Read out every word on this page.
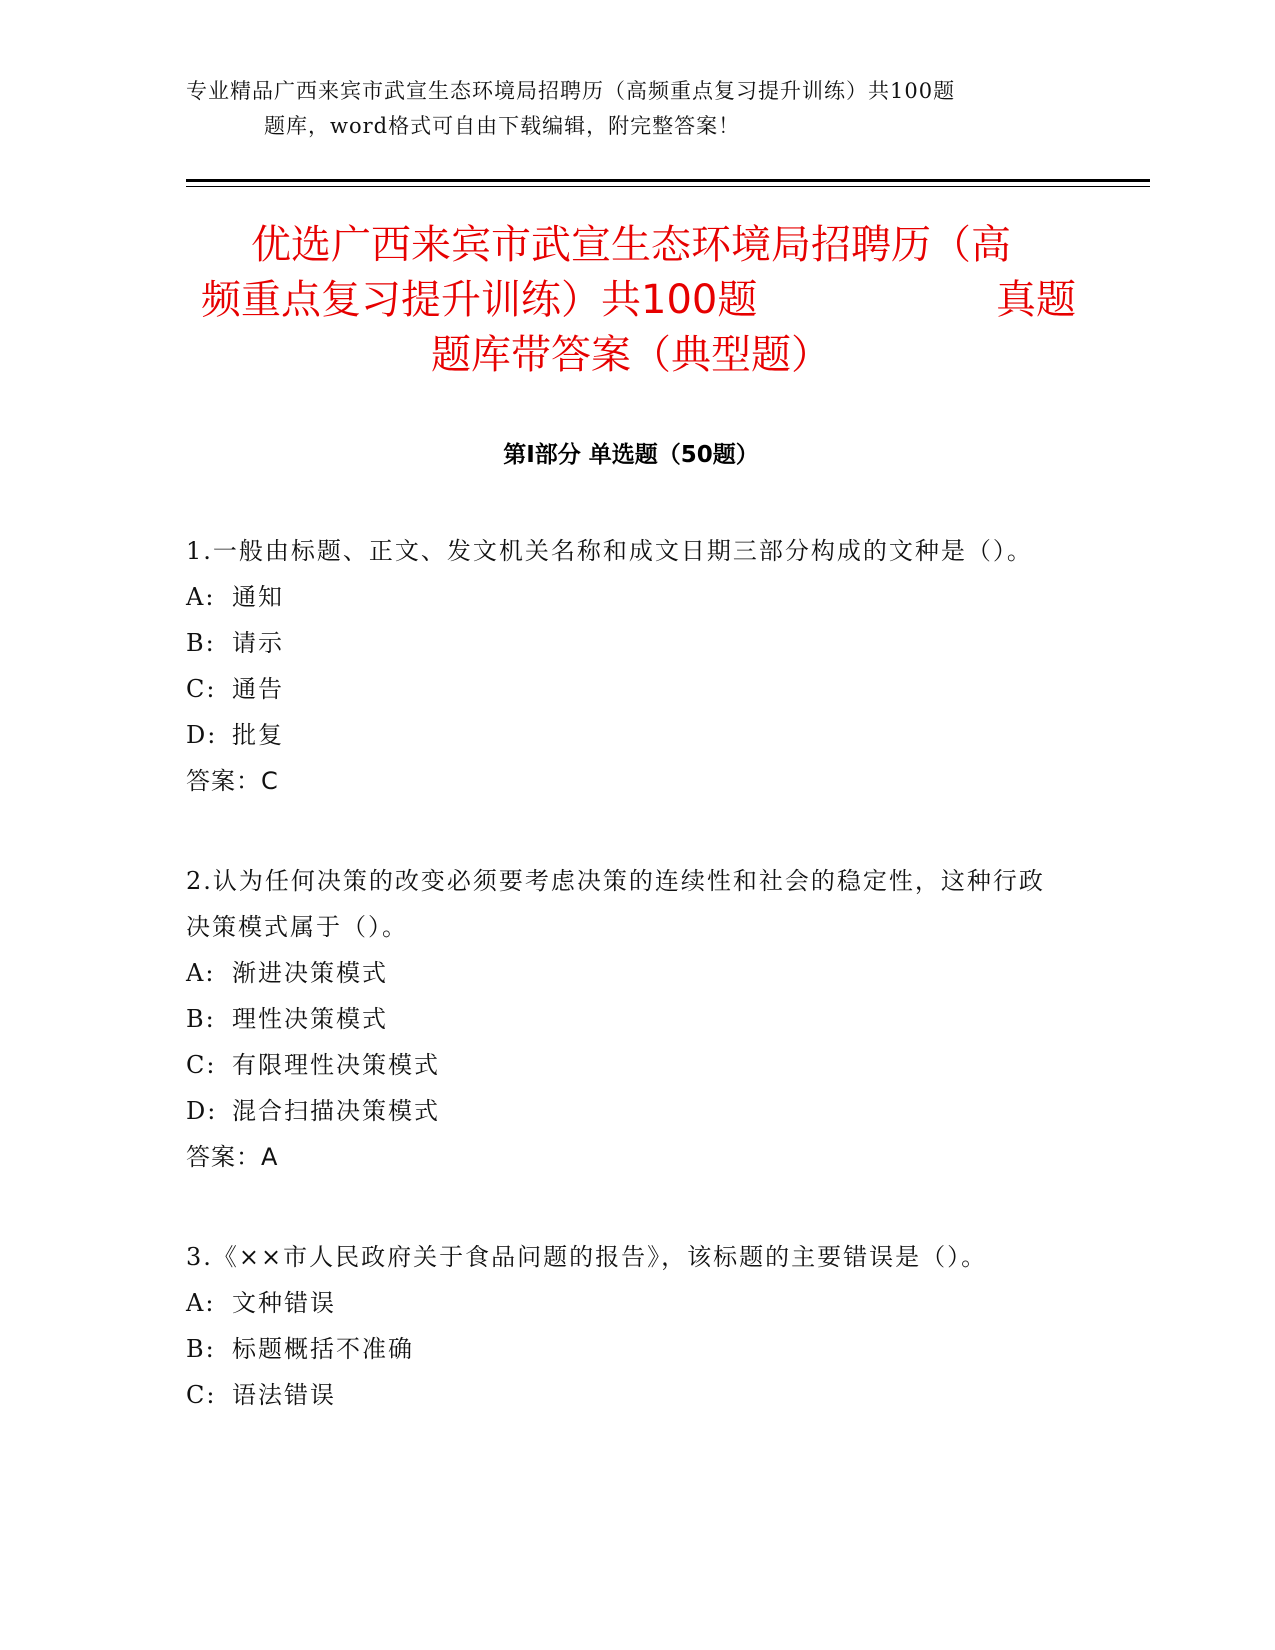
专业精品广西来宾市武宣生态环境局招聘历（高频重点复习提升训练）共100题
题库，word格式可自由下载编辑，附完整答案！
优选广西来宾市武宣生态环境局招聘历（高
频重点复习提升训练）共100题	真题
题库带答案（典型题）
第Ⅰ部分 单选题（50题）
1.一般由标题、正文、发文机关名称和成文日期三部分构成的文种是（）。
A: 通知
B: 请示
C: 通告
D: 批复
答案：C
2.认为任何决策的改变必须要考虑决策的连续性和社会的稳定性，这种行政决策模式属于（）。
A: 渐进决策模式
B: 理性决策模式
C: 有限理性决策模式
D: 混合扫描决策模式
答案：A
3.《××市人民政府关于食品问题的报告》，该标题的主要错误是（）。
A: 文种错误
B: 标题概括不准确
C: 语法错误
